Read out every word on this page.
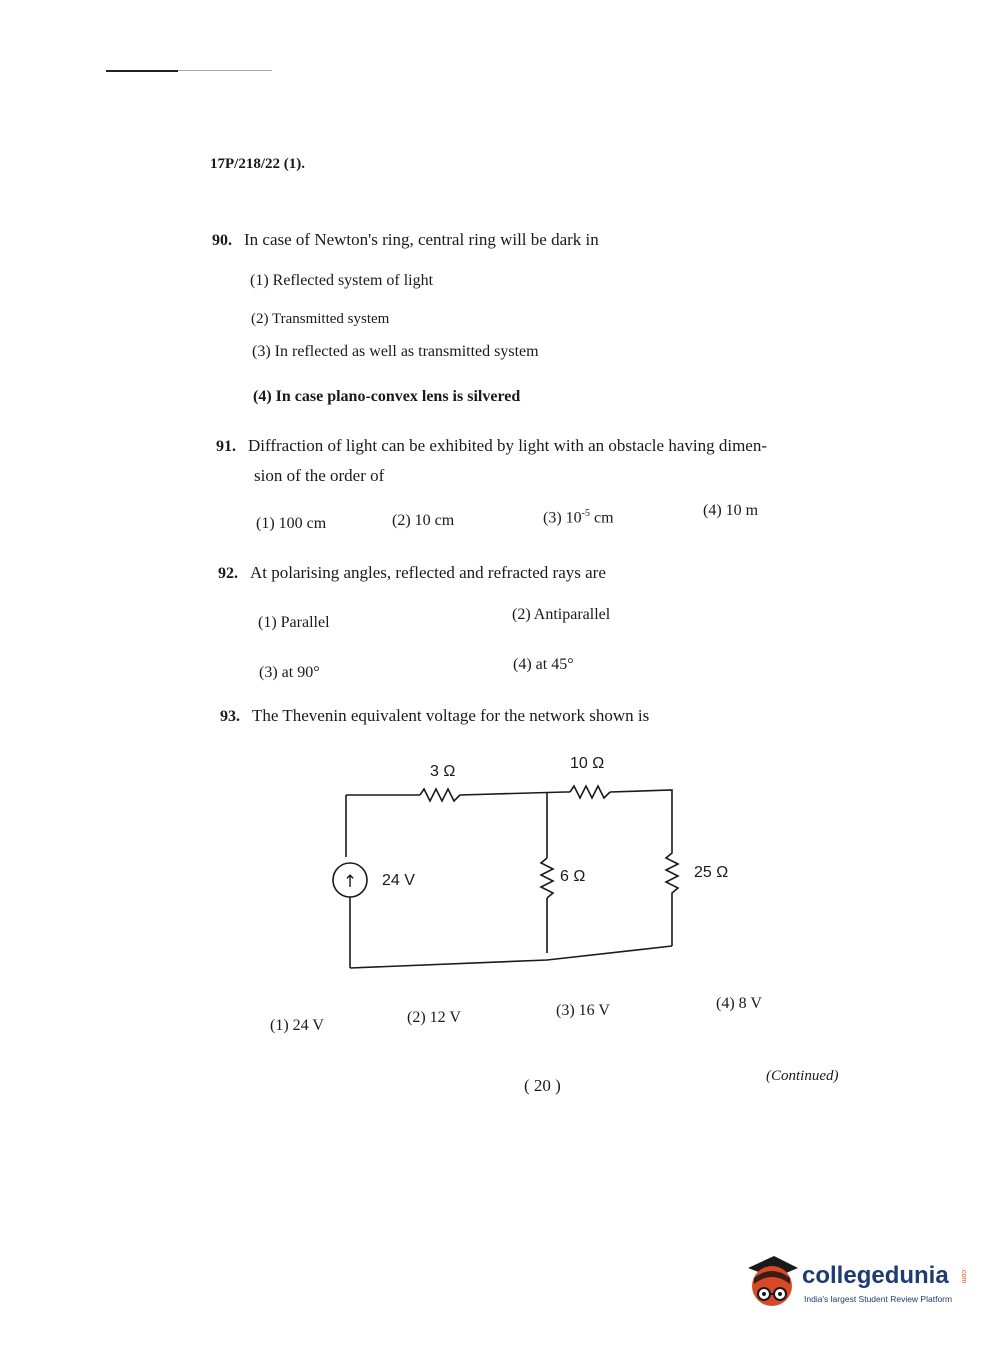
17P/218/22 (1).
90. In case of Newton's ring, central ring will be dark in
(1) Reflected system of light
(2) Transmitted system
(3) In reflected as well as transmitted system
(4) In case plano-convex lens is silvered
91. Diffraction of light can be exhibited by light with an obstacle having dimen-
sion of the order of
(1) 100 cm	(2) 10 cm	(3) $10^{-5}$ cm	(4) 10 m
92. At polarising angles, reflected and refracted rays are
(1) Parallel	(2) Antiparallel
(3) at 90°	(4) at 45°
93. The Thevenin equivalent voltage for the network shown is
↑ 24 V
3 Ω	10 Ω
6 Ω	25 Ω
(1) 24 V	(2) 12 V	(3) 16 V	(4) 8 V
( 20 )	(Continued)
collegedunia .com
India's largest Student Review Platform
